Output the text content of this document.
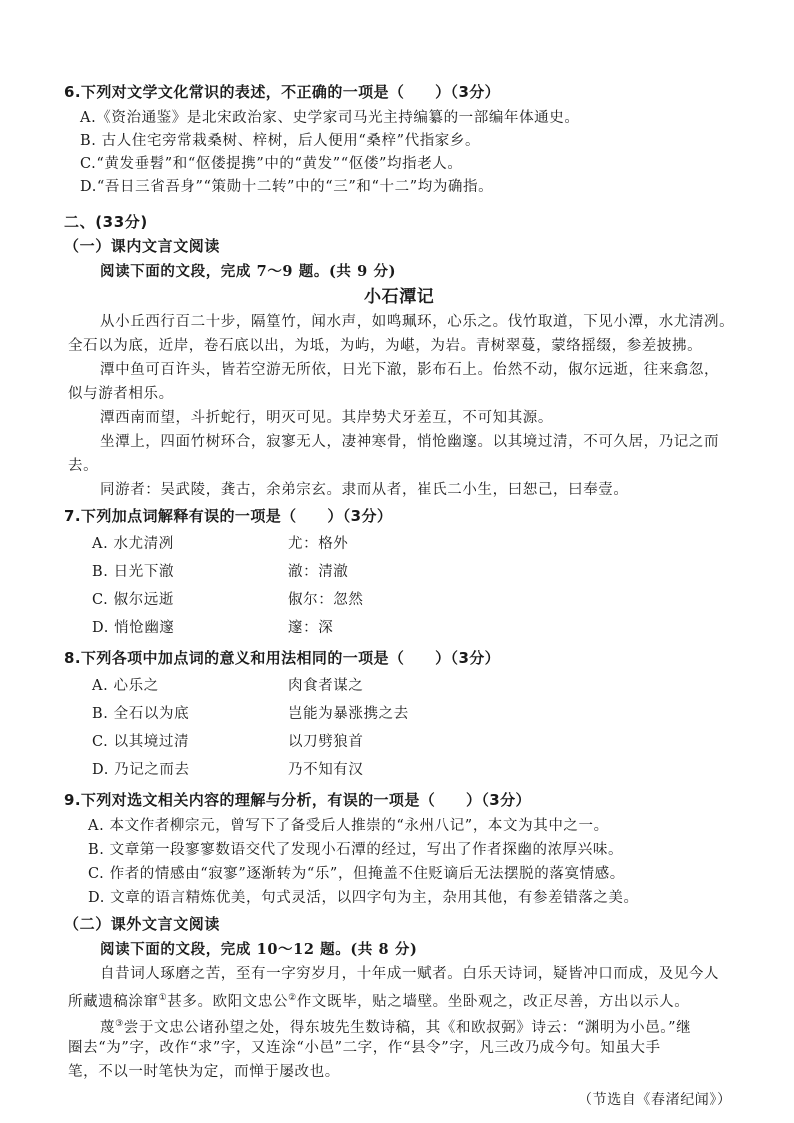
6.下列对文学文化常识的表述，不正确的一项是（　　）（3分）
A.《资治通鉴》是北宋政治家、史学家司马光主持编纂的一部编年体通史。
B. 古人住宅旁常栽桑树、梓树，后人便用“桑梓”代指家乡。
C.“黄发垂髫”和“伛偻提携”中的“黄发”“伛偻”均指老人。
D.“吾日三省吾身”“策勋十二转”中的“三”和“十二”均为确指。
二、(33分)
（一）课内文言文阅读
阅读下面的文段，完成 7～9 题。(共 9 分)
小石潭记
从小丘西行百二十步，隔篁竹，闻水声，如鸣珮环，心乐之。伐竹取道，下见小潭，水尤清冽。
全石以为底，近岸，卷石底以出，为坻，为屿，为嵁，为岩。青树翠蔓，蒙络摇缀，参差披拂。
潭中鱼可百许头，皆若空游无所依，日光下澈，影布石上。佁然不动，俶尔远逝，往来翕忽，
似与游者相乐。
潭西南而望，斗折蛇行，明灭可见。其岸势犬牙差互，不可知其源。
坐潭上，四面竹树环合，寂寥无人，凄神寒骨，悄怆幽邃。以其境过清，不可久居，乃记之而
去。
同游者：吴武陵，龚古，余弟宗玄。隶而从者，崔氏二小生，曰恕己，曰奉壹。
7.下列加点词解释有误的一项是（　　）（3分）
A. 水尤清冽	尤：格外
B. 日光下澈	澈：清澈
C. 俶尔远逝	俶尔：忽然
D. 悄怆幽邃	邃：深
8.下列各项中加点词的意义和用法相同的一项是（　　）（3分）
A. 心乐之	肉食者谋之
B. 全石以为底	岂能为暴涨携之去
C. 以其境过清	以刀劈狼首
D. 乃记之而去	乃不知有汉
9.下列对选文相关内容的理解与分析，有误的一项是（　　）（3分）
A. 本文作者柳宗元，曾写下了备受后人推崇的“永州八记”，本文为其中之一。
B. 文章第一段寥寥数语交代了发现小石潭的经过，写出了作者探幽的浓厚兴味。
C. 作者的情感由“寂寥”逐渐转为“乐”，但掩盖不住贬谪后无法摆脱的落寞情感。
D. 文章的语言精炼优美，句式灵活，以四字句为主，杂用其他，有参差错落之美。
（二）课外文言文阅读
阅读下面的文段，完成 10～12 题。(共 8 分)
自昔词人琢磨之苦，至有一字穷岁月，十年成一赋者。白乐天诗词，疑皆冲口而成，及见今人
所藏遗稿涂窜①甚多。欧阳文忠公②作文既毕，贴之墙壁。坐卧观之，改正尽善，方出以示人。
蔑③尝于文忠公诸孙望之处，得东坡先生数诗稿，其《和欧叔弼》诗云：“渊明为小邑。”继
圈去“为”字，改作“求”字，又连涂“小邑”二字，作“县令”字，凡三改乃成今句。知虽大手
笔，不以一时笔快为定，而惮于屡改也。
（节选自《春渚纪闻》）
